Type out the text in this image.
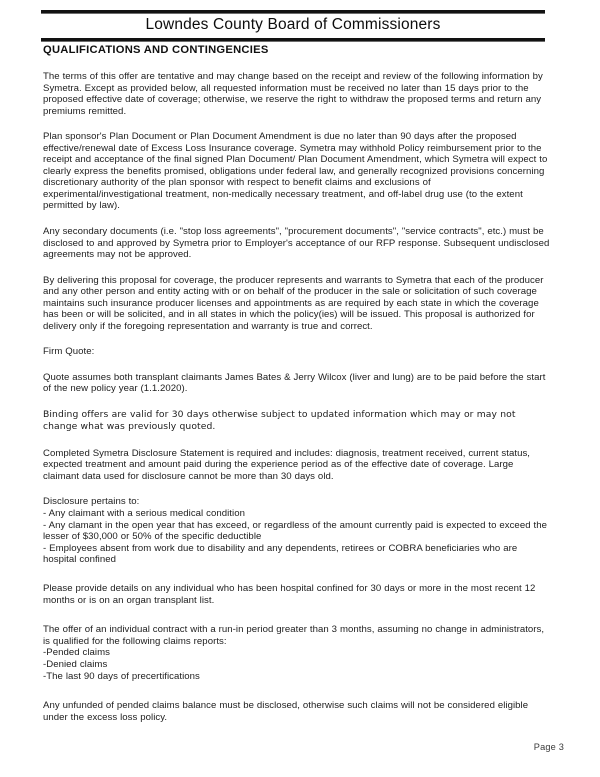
Lowndes County Board of Commissioners
QUALIFICATIONS AND CONTINGENCIES

The terms of this offer are tentative and may change based on the receipt and review of the following information by Symetra. Except as provided below, all requested information must be received no later than 15 days prior to the proposed effective date of coverage; otherwise, we reserve the right to withdraw the proposed terms and return any premiums remitted.

Plan sponsor's Plan Document or Plan Document Amendment is due no later than 90 days after the proposed effective/renewal date of Excess Loss Insurance coverage. Symetra may withhold Policy reimbursement prior to the receipt and acceptance of the final signed Plan Document/ Plan Document Amendment, which Symetra will expect to clearly express the benefits promised, obligations under federal law, and generally recognized provisions concerning discretionary authority of the plan sponsor with respect to benefit claims and exclusions of experimental/investigational treatment, non-medically necessary treatment, and off-label drug use (to the extent permitted by law).

Any secondary documents (i.e. "stop loss agreements", "procurement documents", "service contracts", etc.) must be disclosed to and approved by Symetra prior to Employer's acceptance of our RFP response. Subsequent undisclosed agreements may not be approved.

By delivering this proposal for coverage, the producer represents and warrants to Symetra that each of the producer and any other person and entity acting with or on behalf of the producer in the sale or solicitation of such coverage maintains such insurance producer licenses and appointments as are required by each state in which the coverage has been or will be solicited, and in all states in which the policy(ies) will be issued. This proposal is authorized for delivery only if the foregoing representation and warranty is true and correct.

Firm Quote:

Quote assumes both transplant claimants James Bates & Jerry Wilcox (liver and lung) are to be paid before the start of the new policy year (1.1.2020).

Binding offers are valid for 30 days otherwise subject to updated information which may or may not change what was previously quoted.

Completed Symetra Disclosure Statement is required and includes: diagnosis, treatment received, current status, expected treatment and amount paid during the experience period as of the effective date of coverage. Large claimant data used for disclosure cannot be more than 30 days old.

Disclosure pertains to:

- Any claimant with a serious medical condition

- Any clamant in the open year that has exceed, or regardless of the amount currently paid is expected to exceed the lesser of $30,000 or 50% of the specific deductible

- Employees absent from work due to disability and any dependents, retirees or COBRA beneficiaries who are hospital confined

Please provide details on any individual who has been hospital confined for 30 days or more in the most recent 12 months or is on an organ transplant list.

The offer of an individual contract with a run-in period greater than 3 months, assuming no change in administrators, is qualified for the following claims reports:

-Pended claims

-Denied claims

-The last 90 days of precertifications

Any unfunded of pended claims balance must be disclosed, otherwise such claims will not be considered eligible under the excess loss policy.

Page 3
